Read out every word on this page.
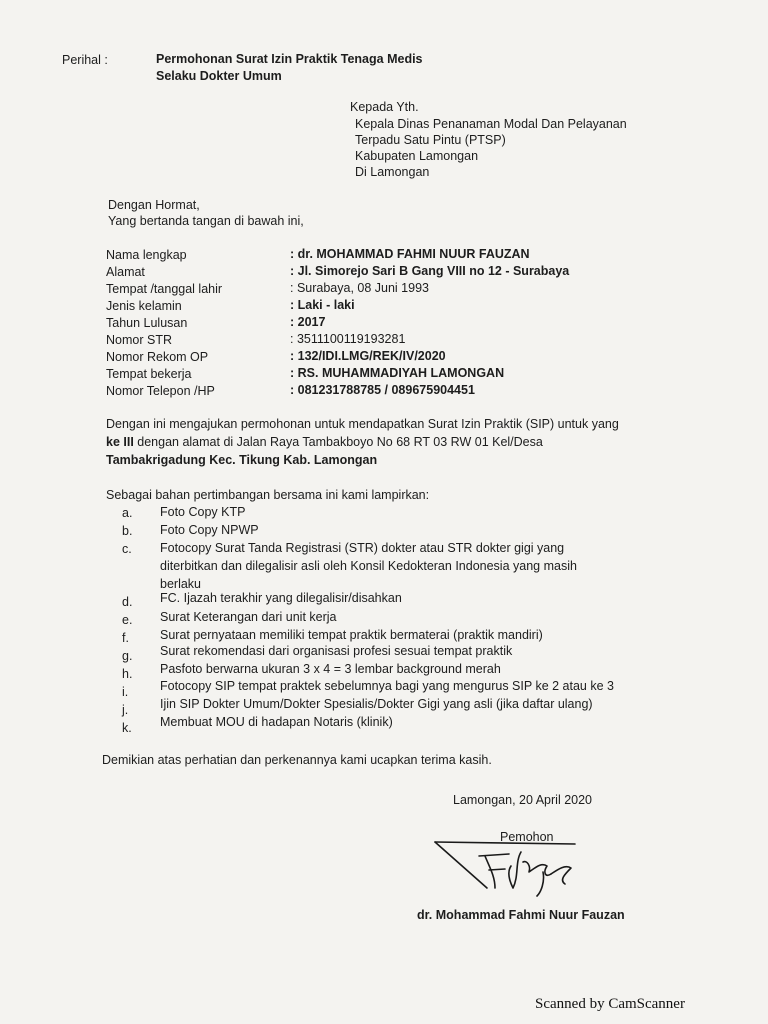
Perihal :	Permohonan Surat Izin Praktik Tenaga Medis
Selaku Dokter Umum
Kepada Yth.
Kepala Dinas Penanaman Modal Dan Pelayanan
Terpadu Satu Pintu (PTSP)
Kabupaten Lamongan
Di Lamongan
Dengan Hormat,
Yang bertanda tangan di bawah ini,
Nama lengkap	: dr. MOHAMMAD FAHMI NUUR FAUZAN
Alamat	: Jl. Simorejo Sari B Gang VIII no 12 - Surabaya
Tempat /tanggal lahir	: Surabaya, 08 Juni 1993
Jenis kelamin	: Laki - laki
Tahun Lulusan	: 2017
Nomor STR	: 3511100119193281
Nomor Rekom OP	: 132/IDI.LMG/REK/IV/2020
Tempat bekerja	: RS. MUHAMMADIYAH LAMONGAN
Nomor Telepon /HP	: 081231788785 / 089675904451
Dengan ini mengajukan permohonan untuk mendapatkan Surat Izin Praktik (SIP) untuk yang
ke III dengan alamat di Jalan Raya Tambakboyo No 68 RT 03 RW 01 Kel/Desa
Tambakrigadung Kec. Tikung Kab. Lamongan
Sebagai bahan pertimbangan bersama ini kami lampirkan:
a. Foto Copy KTP
b. Foto Copy NPWP
c. Fotocopy Surat Tanda Registrasi (STR) dokter atau STR dokter gigi yang
diterbitkan dan dilegalisir asli oleh Konsil Kedokteran Indonesia yang masih
berlaku
d. FC. Ijazah terakhir yang dilegalisir/disahkan
e. Surat Keterangan dari unit kerja
f. Surat pernyataan memiliki tempat praktik bermaterai (praktik mandiri)
g. Surat rekomendasi dari organisasi profesi sesuai tempat praktik
h. Pasfoto berwarna ukuran 3 x 4 = 3 lembar background merah
i.	Fotocopy SIP tempat praktek sebelumnya bagi yang mengurus SIP ke 2 atau ke 3
j.	Ijin SIP Dokter Umum/Dokter Spesialis/Dokter Gigi yang asli (jika daftar ulang)
k. Membuat MOU di hadapan Notaris (klinik)
Demikian atas perhatian dan perkenannya kami ucapkan terima kasih.
Lamongan, 20 April 2020
Pemohon
dr. Mohammad Fahmi Nuur Fauzan
Scanned by CamScanner
